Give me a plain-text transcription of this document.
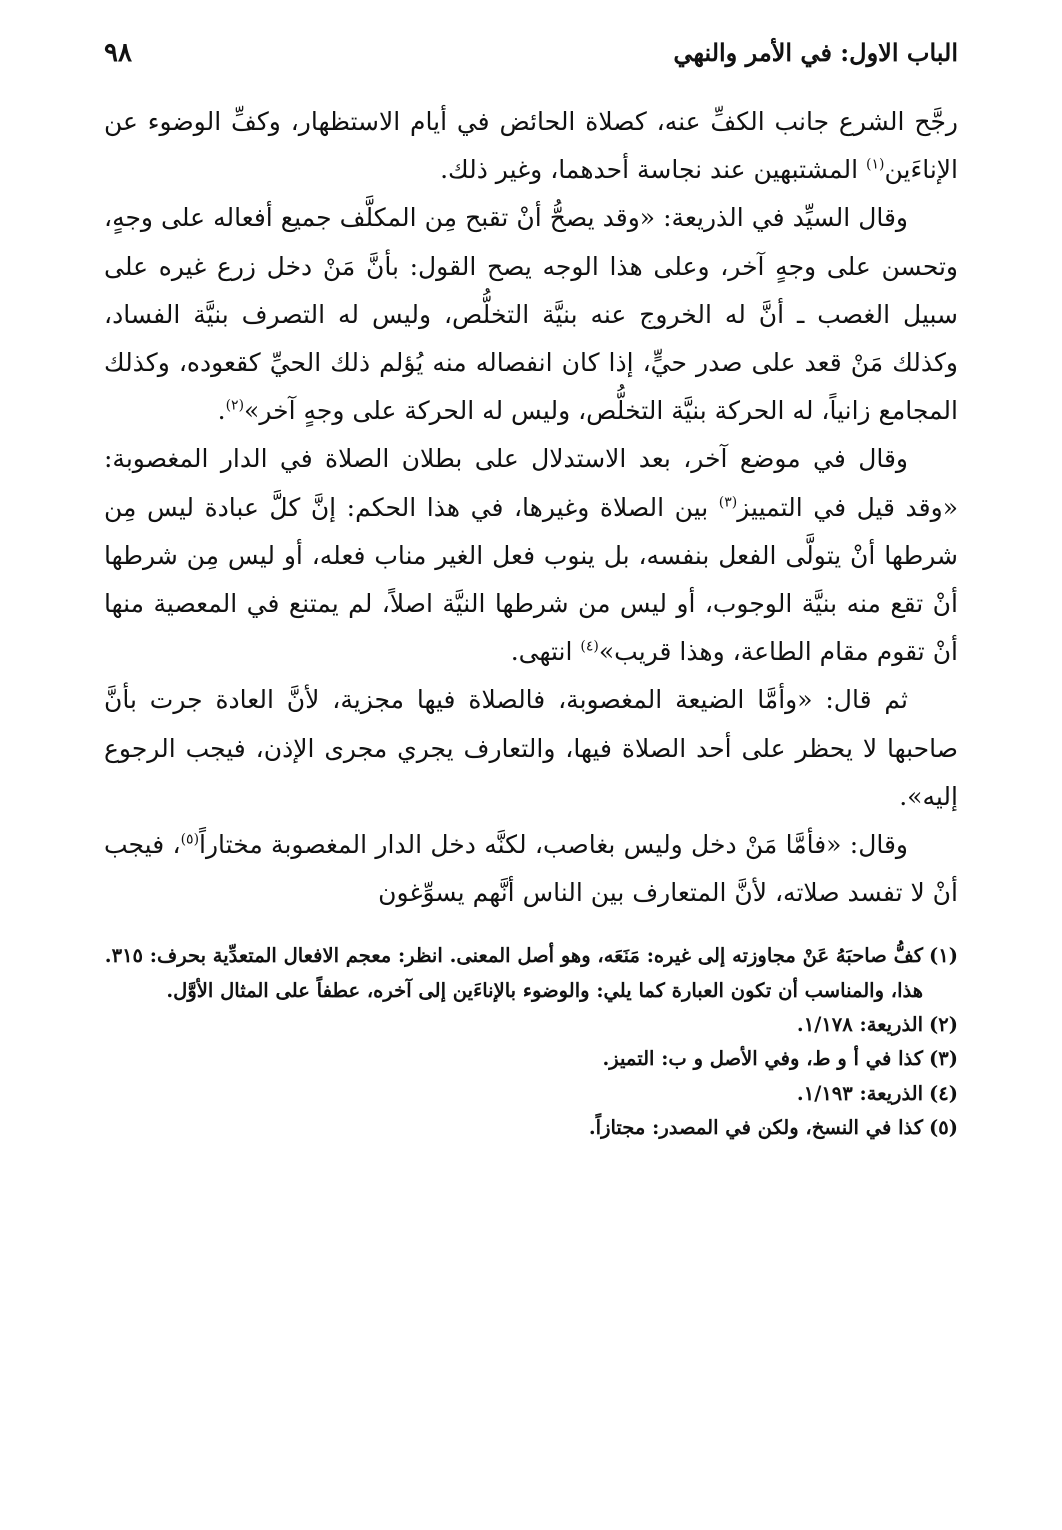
٩٨	الباب الاول: في الأمر والنهي

رجَّح الشرع جانب الكفِّ عنه، كصلاة الحائض في أيام الاستظهار، وكفِّ الوضوء عن الإناءَين$^{(١)}$ المشتبهين عند نجاسة أحدهما، وغير ذلك.

وقال السيِّد في الذريعة: «وقد يصحُّ أنْ تقبح مِن المكلَّف جميع أفعاله على وجهٍ، وتحسن على وجهٍ آخر، وعلى هذا الوجه يصح القول: بأنَّ مَنْ دخل زرع غيره على سبيل الغصب ـ أنَّ له الخروج عنه بنيَّة التخلُّص، وليس له التصرف بنيَّة الفساد، وكذلك مَنْ قعد على صدر حيٍّ، إذا كان انفصاله منه يُؤلم ذلك الحيِّ كقعوده، وكذلك المجامع زانياً، له الحركة بنيَّة التخلُّص، وليس له الحركة على وجهٍ آخر»$^{(٢)}$.

وقال في موضع آخر، بعد الاستدلال على بطلان الصلاة في الدار المغصوبة: «وقد قيل في التمييز$^{(٣)}$ بين الصلاة وغيرها، في هذا الحكم: إنَّ كلَّ عبادة ليس مِن شرطها أنْ يتولَّى الفعل بنفسه، بل ينوب فعل الغير مناب فعله، أو ليس مِن شرطها أنْ تقع منه بنيَّة الوجوب، أو ليس من شرطها النيَّة اصلاً، لم يمتنع في المعصية منها أنْ تقوم مقام الطاعة، وهذا قريب»$^{(٤)}$ انتهى.

ثم قال: «وأمَّا الضيعة المغصوبة، فالصلاة فيها مجزية، لأنَّ العادة جرت بأنَّ صاحبها لا يحظر على أحد الصلاة فيها، والتعارف يجري مجرى الإذن، فيجب الرجوع إليه».

وقال: «فأمَّا مَنْ دخل وليس بغاصب، لكنَّه دخل الدار المغصوبة مختاراً$^{(٥)}$، فيجب أنْ لا تفسد صلاته، لأنَّ المتعارف بين الناس أنَّهم يسوِّغون

(١)
كفُّ صاحبَهُ عَنْ مجاوزته إلى غيره: مَنَعَه، وهو أصل المعنى. انظر: معجم الافعال المتعدِّية بحرف: ٣١٥. هذا، والمناسب أن تكون العبارة كما يلي: والوضوء بالإناءَين إلى آخره، عطفاً على المثال الأوَّل.
(٢)
الذريعة: ١/١٧٨.
(٣)
كذا في أ و ط، وفي الأصل و ب: التميز.
(٤)
الذريعة: ١/١٩٣.
(٥)
كذا في النسخ، ولكن في المصدر: مجتازاً.
